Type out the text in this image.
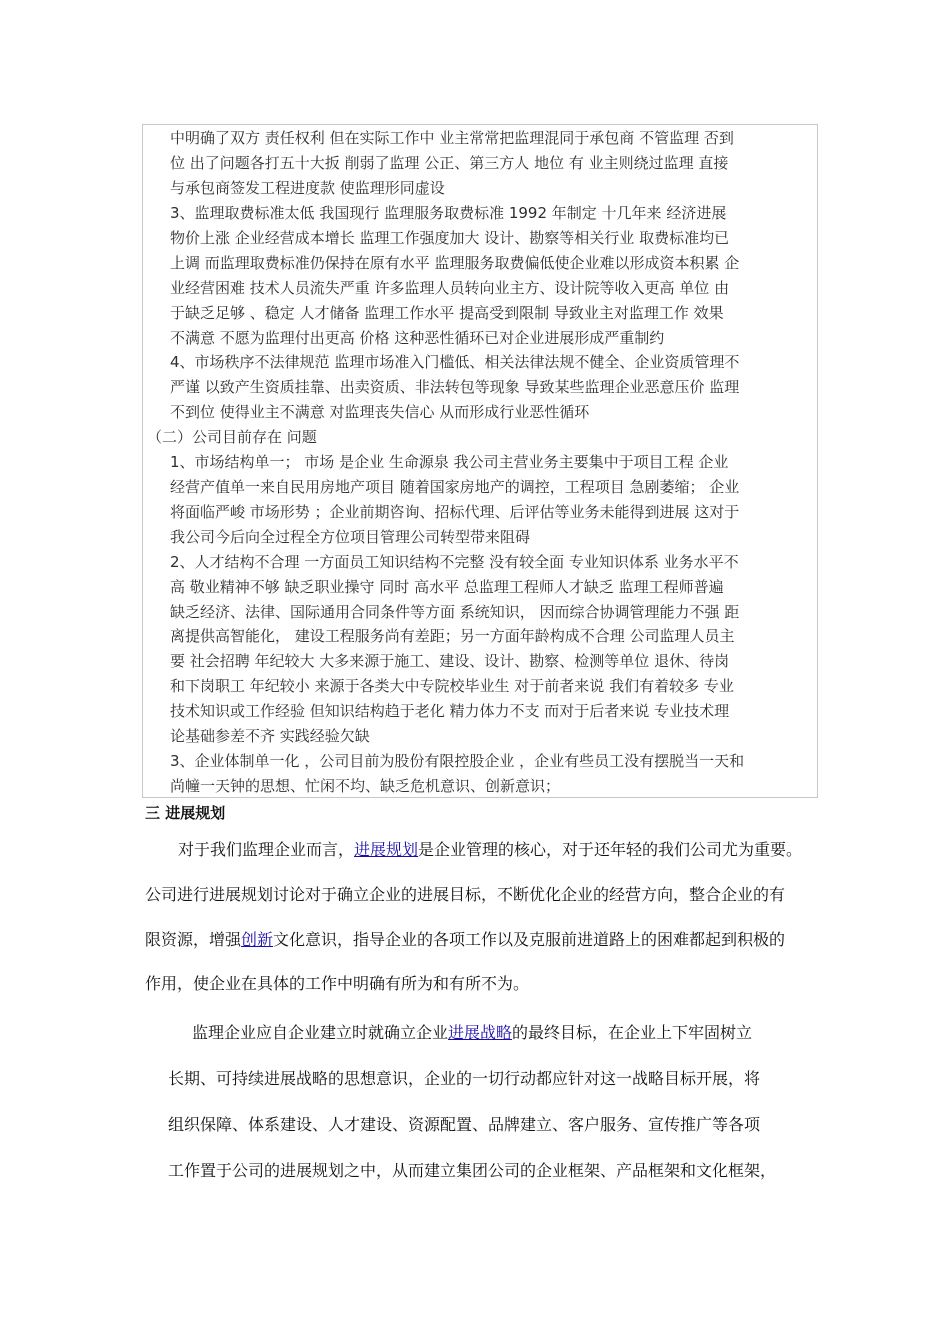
中明确了双方 责任权利 但在实际工作中 业主常常把监理混同于承包商 不管监理 否到
位 出了问题各打五十大扳 削弱了监理 公正、第三方人 地位 有 业主则绕过监理 直接
与承包商签发工程进度款 使监理形同虚设
3、监理取费标准太低 我国现行 监理服务取费标准 1992 年制定 十几年来 经济进展
物价上涨 企业经营成本增长 监理工作强度加大 设计、勘察等相关行业 取费标准均已
上调 而监理取费标准仍保持在原有水平 监理服务取费偏低使企业难以形成资本积累 企
业经营困难 技术人员流失严重 许多监理人员转向业主方、设计院等收入更高 单位 由
于缺乏足够 、稳定 人才储备 监理工作水平 提高受到限制 导致业主对监理工作 效果
不满意 不愿为监理付出更高 价格 这种恶性循环已对企业进展形成严重制约
4、市场秩序不法律规范 监理市场准入门槛低、相关法律法规不健全、企业资质管理不
严谨 以致产生资质挂靠、出卖资质、非法转包等现象 导致某些监理企业恶意压价 监理
不到位 使得业主不满意 对监理丧失信心 从而形成行业恶性循环
（二）公司目前存在 问题
1、市场结构单一； 市场 是企业 生命源泉 我公司主营业务主要集中于项目工程 企业
经营产值单一来自民用房地产项目 随着国家房地产的调控，工程项目 急剧萎缩； 企业
将面临严峻 市场形势 ；企业前期咨询、招标代理、后评估等业务未能得到进展 这对于
我公司今后向全过程全方位项目管理公司转型带来阻碍
2、人才结构不合理 一方面员工知识结构不完整 没有较全面 专业知识体系 业务水平不
高 敬业精神不够 缺乏职业操守 同时 高水平 总监理工程师人才缺乏 监理工程师普遍
缺乏经济、法律、国际通用合同条件等方面 系统知识， 因而综合协调管理能力不强 距
离提供高智能化， 建设工程服务尚有差距；另一方面年龄构成不合理 公司监理人员主
要 社会招聘 年纪较大 大多来源于施工、建设、设计、勘察、检测等单位 退休、待岗
和下岗职工 年纪较小 来源于各类大中专院校毕业生 对于前者来说 我们有着较多 专业
技术知识或工作经验 但知识结构趋于老化 精力体力不支 而对于后者来说 专业技术理
论基础参差不齐 实践经验欠缺
3、企业体制单一化 ，公司目前为股份有限控股企业 ，企业有些员工没有摆脱当一天和
尚幢一天钟的思想、忙闲不均、缺乏危机意识、创新意识；
三 进展规划
对于我们监理企业而言，进展规划是企业管理的核心，对于还年轻的我们公司尤为重要。
公司进行进展规划讨论对于确立企业的进展目标，不断优化企业的经营方向，整合企业的有
限资源，增强创新文化意识，指导企业的各项工作以及克服前进道路上的困难都起到积极的
作用，使企业在具体的工作中明确有所为和有所不为。
监理企业应自企业建立时就确立企业进展战略的最终目标，在企业上下牢固树立
长期、可持续进展战略的思想意识，企业的一切行动都应针对这一战略目标开展，将
组织保障、体系建设、人才建设、资源配置、品牌建立、客户服务、宣传推广等各项
工作置于公司的进展规划之中，从而建立集团公司的企业框架、产品框架和文化框架，
